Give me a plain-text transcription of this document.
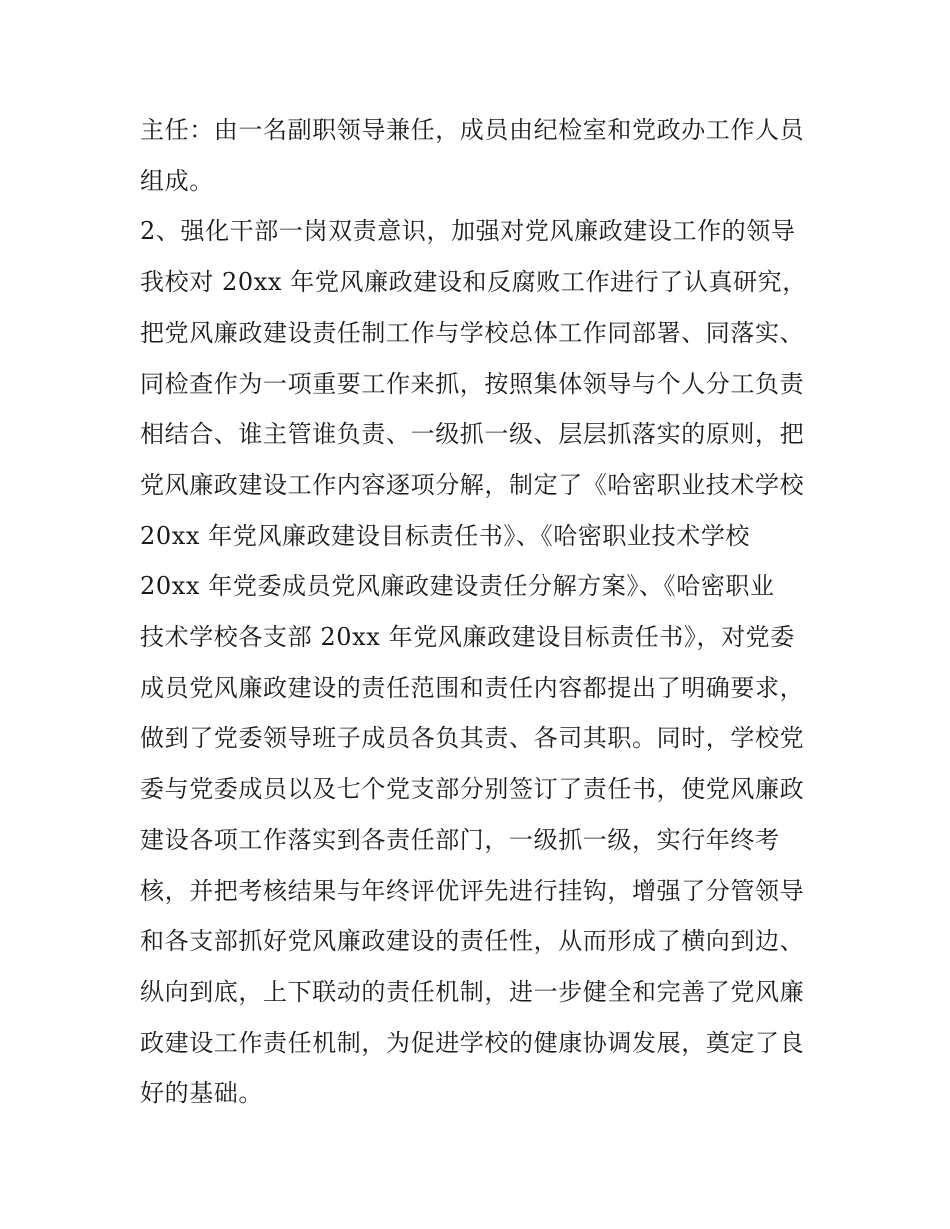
主任：由一名副职领导兼任，成员由纪检室和党政办工作人员
组成。
2、强化干部一岗双责意识，加强对党风廉政建设工作的领导
我校对 20xx 年党风廉政建设和反腐败工作进行了认真研究，
把党风廉政建设责任制工作与学校总体工作同部署、同落实、
同检查作为一项重要工作来抓，按照集体领导与个人分工负责
相结合、谁主管谁负责、一级抓一级、层层抓落实的原则，把
党风廉政建设工作内容逐项分解，制定了《哈密职业技术学校
20xx 年党风廉政建设目标责任书》、《哈密职业技术学校
20xx 年党委成员党风廉政建设责任分解方案》、《哈密职业
技术学校各支部 20xx 年党风廉政建设目标责任书》，对党委
成员党风廉政建设的责任范围和责任内容都提出了明确要求，
做到了党委领导班子成员各负其责、各司其职。同时，学校党
委与党委成员以及七个党支部分别签订了责任书，使党风廉政
建设各项工作落实到各责任部门，一级抓一级，实行年终考
核，并把考核结果与年终评优评先进行挂钩，增强了分管领导
和各支部抓好党风廉政建设的责任性，从而形成了横向到边、
纵向到底，上下联动的责任机制，进一步健全和完善了党风廉
政建设工作责任机制，为促进学校的健康协调发展，奠定了良
好的基础。
